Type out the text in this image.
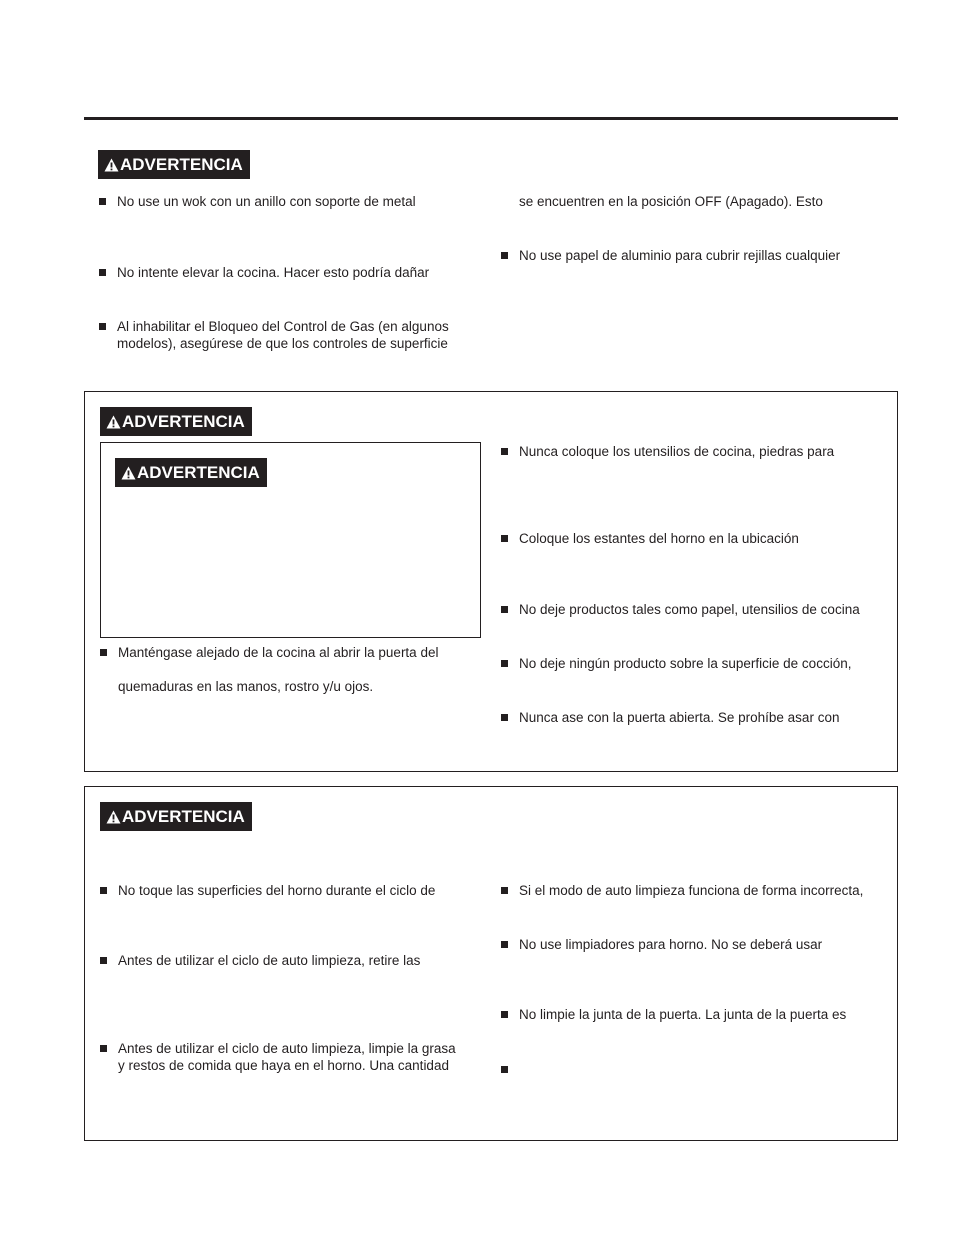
ADVERTENCIA
No use un wok con un anillo con soporte de metal
No intente elevar la cocina. Hacer esto podría dañar
Al inhabilitar el Bloqueo del Control de Gas (en algunos
modelos), asegúrese de que los controles de superficie
se encuentren en la posición OFF (Apagado). Esto
No use papel de aluminio para cubrir rejillas cualquier
ADVERTENCIA
ADVERTENCIA
Manténgase alejado de la cocina al abrir la puerta del
quemaduras en las manos, rostro y/u ojos.
Nunca coloque los utensilios de cocina, piedras para
Coloque los estantes del horno en la ubicación
No deje productos tales como papel, utensilios de cocina
No deje ningún producto sobre la superficie de cocción,
Nunca ase con la puerta abierta. Se prohíbe asar con
ADVERTENCIA
No toque las superficies del horno durante el ciclo de
Antes de utilizar el ciclo de auto limpieza, retire las
Antes de utilizar el ciclo de auto limpieza, limpie la grasa
y restos de comida que haya en el horno. Una cantidad
Si el modo de auto limpieza funciona de forma incorrecta,
No use limpiadores para horno. No se deberá usar
No limpie la junta de la puerta. La junta de la puerta es
